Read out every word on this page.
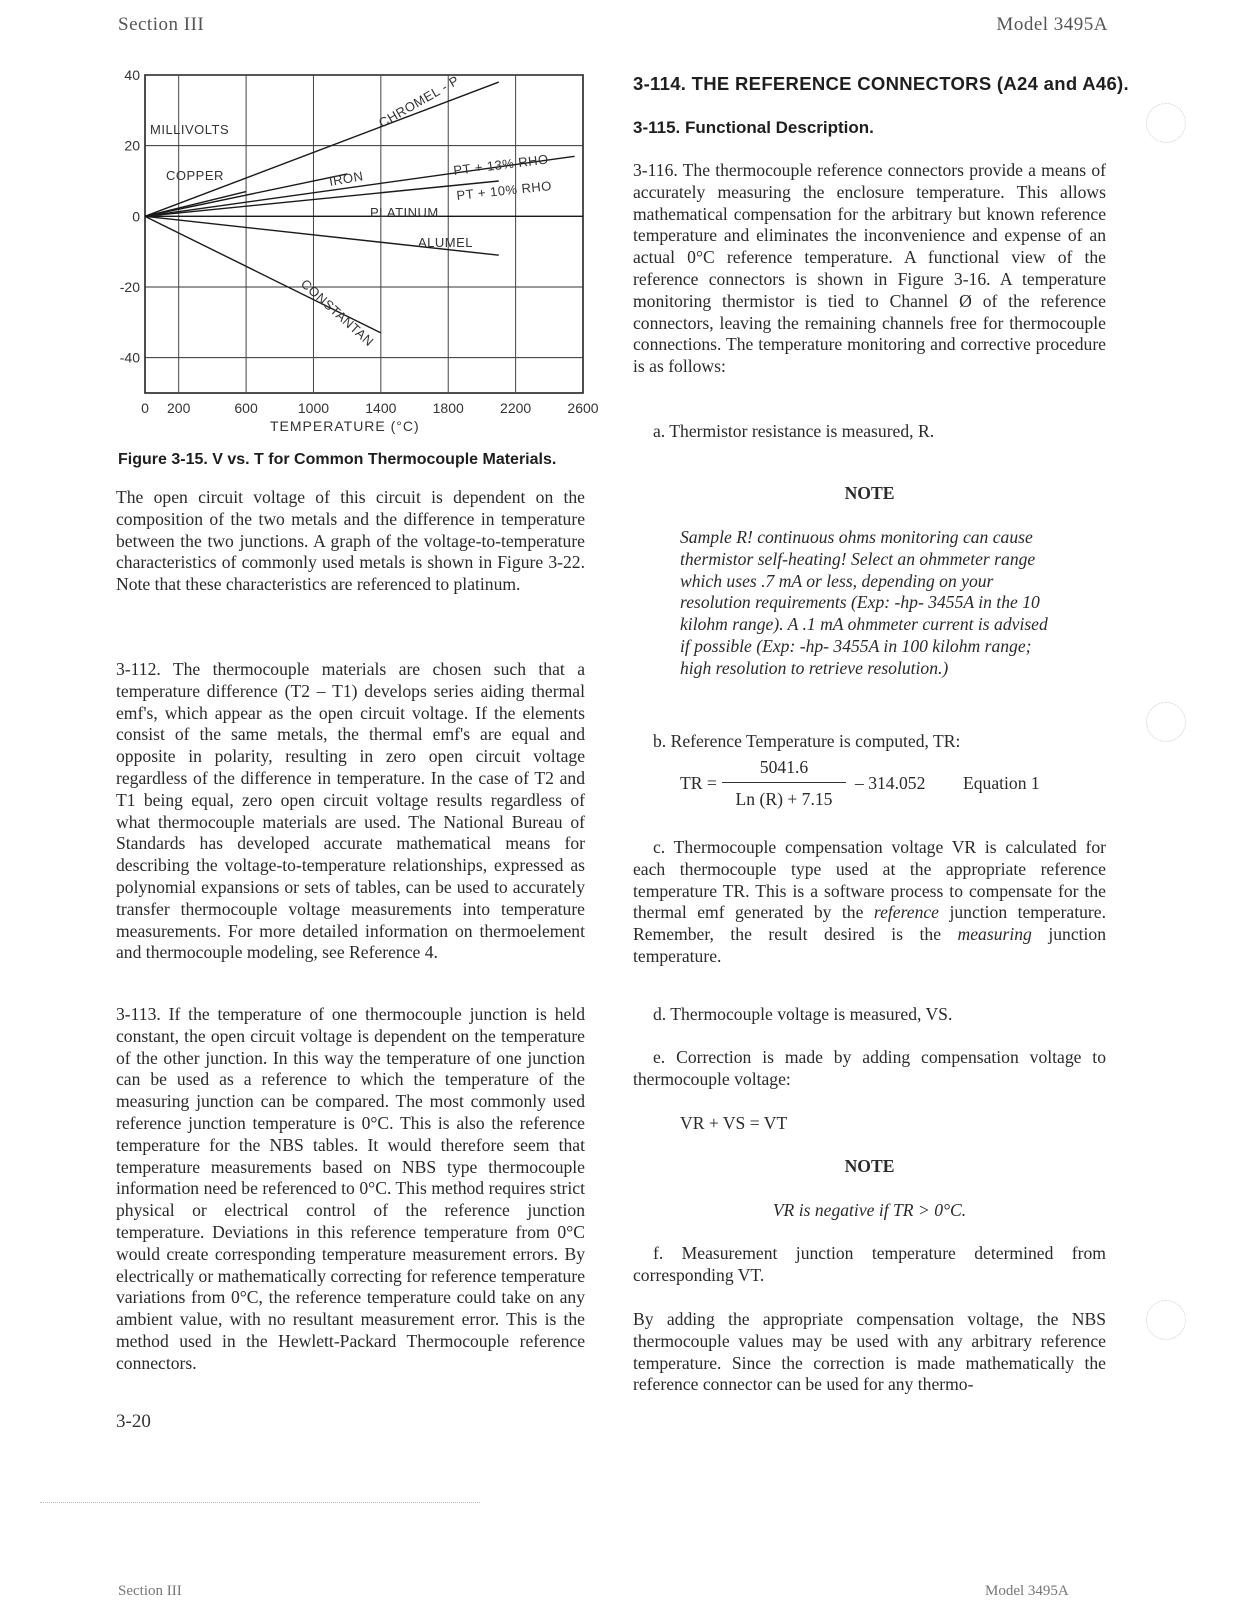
Section III	Model 3495A
40
20
0
-20
-40
0 200	600	1000	1400	1800	2200	2600
MILLIVOLTS
COPPER	IRON
CHROMEL - P
PT + 13% RHO
PT + 10% RHO
PLATINUM
ALUMEL
CONSTANTAN
TEMPERATURE (°C)
Figure 3-15. V vs. T for Common Thermocouple Materials.
The open circuit voltage of this circuit is dependent on the composition of the two metals and the difference in temperature between the two junctions. A graph of the voltage-to-temperature characteristics of commonly used metals is shown in Figure 3-22. Note that these characteristics are referenced to platinum.
3-112. The thermocouple materials are chosen such that a temperature difference (T2 – T1) develops series aiding thermal emf's, which appear as the open circuit voltage. If the elements consist of the same metals, the thermal emf's are equal and opposite in polarity, resulting in zero open circuit voltage regardless of the difference in temperature. In the case of T2 and T1 being equal, zero open circuit voltage results regardless of what thermocouple materials are used. The National Bureau of Standards has developed accurate mathematical means for describing the voltage-to-temperature relationships, expressed as polynomial expansions or sets of tables, can be used to accurately transfer thermocouple voltage measurements into temperature measurements. For more detailed information on thermoelement and thermocouple modeling, see Reference 4.
3-113. If the temperature of one thermocouple junction is held constant, the open circuit voltage is dependent on the temperature of the other junction. In this way the temperature of one junction can be used as a reference to which the temperature of the measuring junction can be compared. The most commonly used reference junction temperature is 0°C. This is also the reference temperature for the NBS tables. It would therefore seem that temperature measurements based on NBS type thermocouple information need be referenced to 0°C. This method requires strict physical or electrical control of the reference junction temperature. Deviations in this reference temperature from 0°C would create corresponding temperature measurement errors. By electrically or mathematically correcting for reference temperature variations from 0°C, the reference temperature could take on any ambient value, with no resultant measurement error. This is the method used in the Hewlett-Packard Thermocouple reference connectors.
3-20
3-114. THE REFERENCE CONNECTORS (A24 and A46).
3-115. Functional Description.
3-116. The thermocouple reference connectors provide a means of accurately measuring the enclosure temperature. This allows mathematical compensation for the arbitrary but known reference temperature and eliminates the inconvenience and expense of an actual 0°C reference temperature. A functional view of the reference connectors is shown in Figure 3-16. A temperature monitoring thermistor is tied to Channel Ø of the reference connectors, leaving the remaining channels free for thermocouple connections. The temperature monitoring and corrective procedure is as follows:
a. Thermistor resistance is measured, R.
NOTE
Sample R! continuous ohms monitoring can cause thermistor self-heating! Select an ohmmeter range which uses .7 mA or less, depending on your resolution requirements (Exp: -hp- 3455A in the 10 kilohm range). A .1 mA ohmmeter current is advised if possible (Exp: -hp- 3455A in 100 kilohm range; high resolution to retrieve resolution.)
b. Reference Temperature is computed, TR:
TR =
5041.6
Ln (R) + 7.15
– 314.052 Equation 1
c. Thermocouple compensation voltage VR is calculated for each thermocouple type used at the appropriate reference temperature TR. This is a software process to compensate for the thermal emf generated by the reference junction temperature. Remember, the result desired is the measuring junction temperature.
d. Thermocouple voltage is measured, VS.
e. Correction is made by adding compensation voltage to thermocouple voltage:
VR + VS = VT
NOTE
VR is negative if TR > 0°C.
f. Measurement junction temperature determined from corresponding VT.
By adding the appropriate compensation voltage, the NBS thermocouple values may be used with any arbitrary reference temperature. Since the correction is made mathematically the reference connector can be used for any thermo-
Section III	Model 3495A
